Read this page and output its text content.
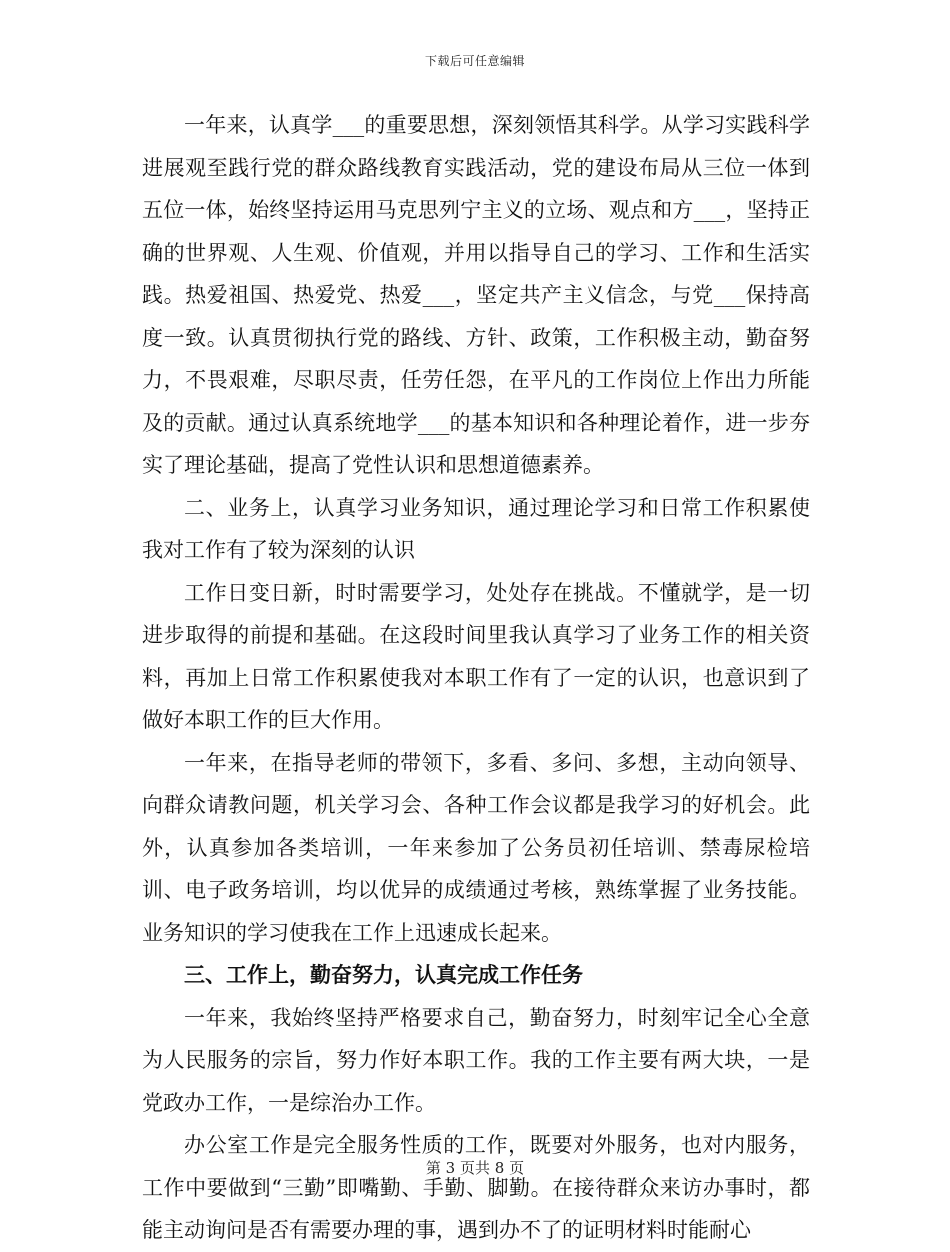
下载后可任意编辑

一年来，认真学___的重要思想，深刻领悟其科学。从学习实践科学进展观至践行党的群众路线教育实践活动，党的建设布局从三位一体到五位一体，始终坚持运用马克思列宁主义的立场、观点和方___，坚持正确的世界观、人生观、价值观，并用以指导自己的学习、工作和生活实践。热爱祖国、热爱党、热爱___，坚定共产主义信念，与党___保持高度一致。认真贯彻执行党的路线、方针、政策，工作积极主动，勤奋努力，不畏艰难，尽职尽责，任劳任怨，在平凡的工作岗位上作出力所能及的贡献。通过认真系统地学___的基本知识和各种理论着作，进一步夯实了理论基础，提高了党性认识和思想道德素养。

二、业务上，认真学习业务知识，通过理论学习和日常工作积累使我对工作有了较为深刻的认识

工作日变日新，时时需要学习，处处存在挑战。不懂就学，是一切进步取得的前提和基础。在这段时间里我认真学习了业务工作的相关资料，再加上日常工作积累使我对本职工作有了一定的认识，也意识到了做好本职工作的巨大作用。

一年来，在指导老师的带领下，多看、多问、多想，主动向领导、向群众请教问题，机关学习会、各种工作会议都是我学习的好机会。此外，认真参加各类培训，一年来参加了公务员初任培训、禁毒尿检培训、电子政务培训，均以优异的成绩通过考核，熟练掌握了业务技能。业务知识的学习使我在工作上迅速成长起来。

三、工作上，勤奋努力，认真完成工作任务

一年来，我始终坚持严格要求自己，勤奋努力，时刻牢记全心全意为人民服务的宗旨，努力作好本职工作。我的工作主要有两大块，一是党政办工作，一是综治办工作。

办公室工作是完全服务性质的工作，既要对外服务，也对内服务，工作中要做到“三勤”即嘴勤、手勤、脚勤。在接待群众来访办事时，都能主动询问是否有需要办理的事，遇到办不了的证明材料时能耐心

第 3 页共 8 页
